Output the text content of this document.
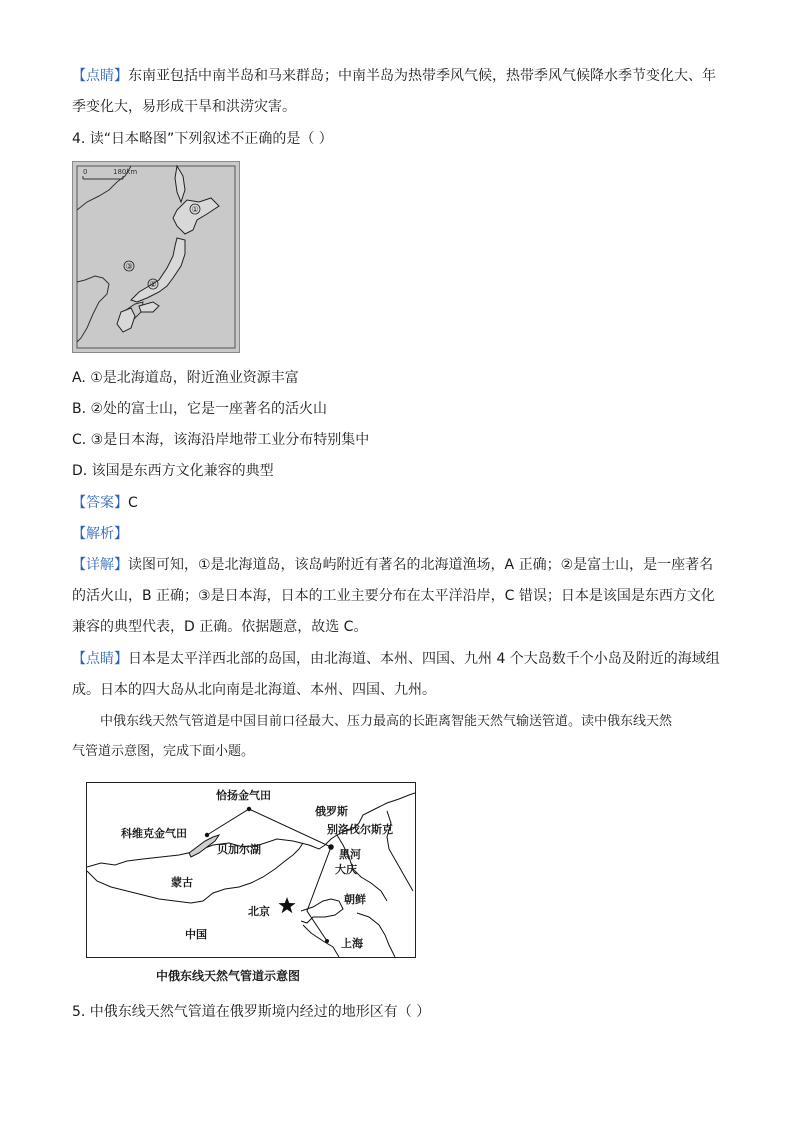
【点睛】东南亚包括中南半岛和马来群岛；中南半岛为热带季风气候，热带季风气候降水季节变化大、年
季变化大，易形成干旱和洪涝灾害。
4. 读“日本略图”下列叙述不正确的是（ ）
0	180km
①
③
②
A. ①是北海道岛，附近渔业资源丰富
B. ②处的富士山，它是一座著名的活火山
C. ③是日本海，该海沿岸地带工业分布特别集中
D. 该国是东西方文化兼容的典型
【答案】C
【解析】
【详解】读图可知，①是北海道岛，该岛屿附近有著名的北海道渔场，A 正确；②是富士山，是一座著名
的活火山，B 正确；③是日本海，日本的工业主要分布在太平洋沿岸，C 错误；日本是该国是东西方文化
兼容的典型代表，D 正确。依据题意，故选 C。
【点睛】日本是太平洋西北部的岛国，由北海道、本州、四国、九州 4 个大岛数千个小岛及附近的海域组
成。日本的四大岛从北向南是北海道、本州、四国、九州。
中俄东线天然气管道是中国目前口径最大、压力最高的长距离智能天然气输送管道。读中俄东线天然
气管道示意图，完成下面小题。
恰扬金气田
俄罗斯
科维克金气田	别洛伐尔斯克
贝加尔湖	黑河
大庆
蒙古
朝鲜
北京
中国
上海
中俄东线天然气管道示意图
5. 中俄东线天然气管道在俄罗斯境内经过的地形区有（ ）
